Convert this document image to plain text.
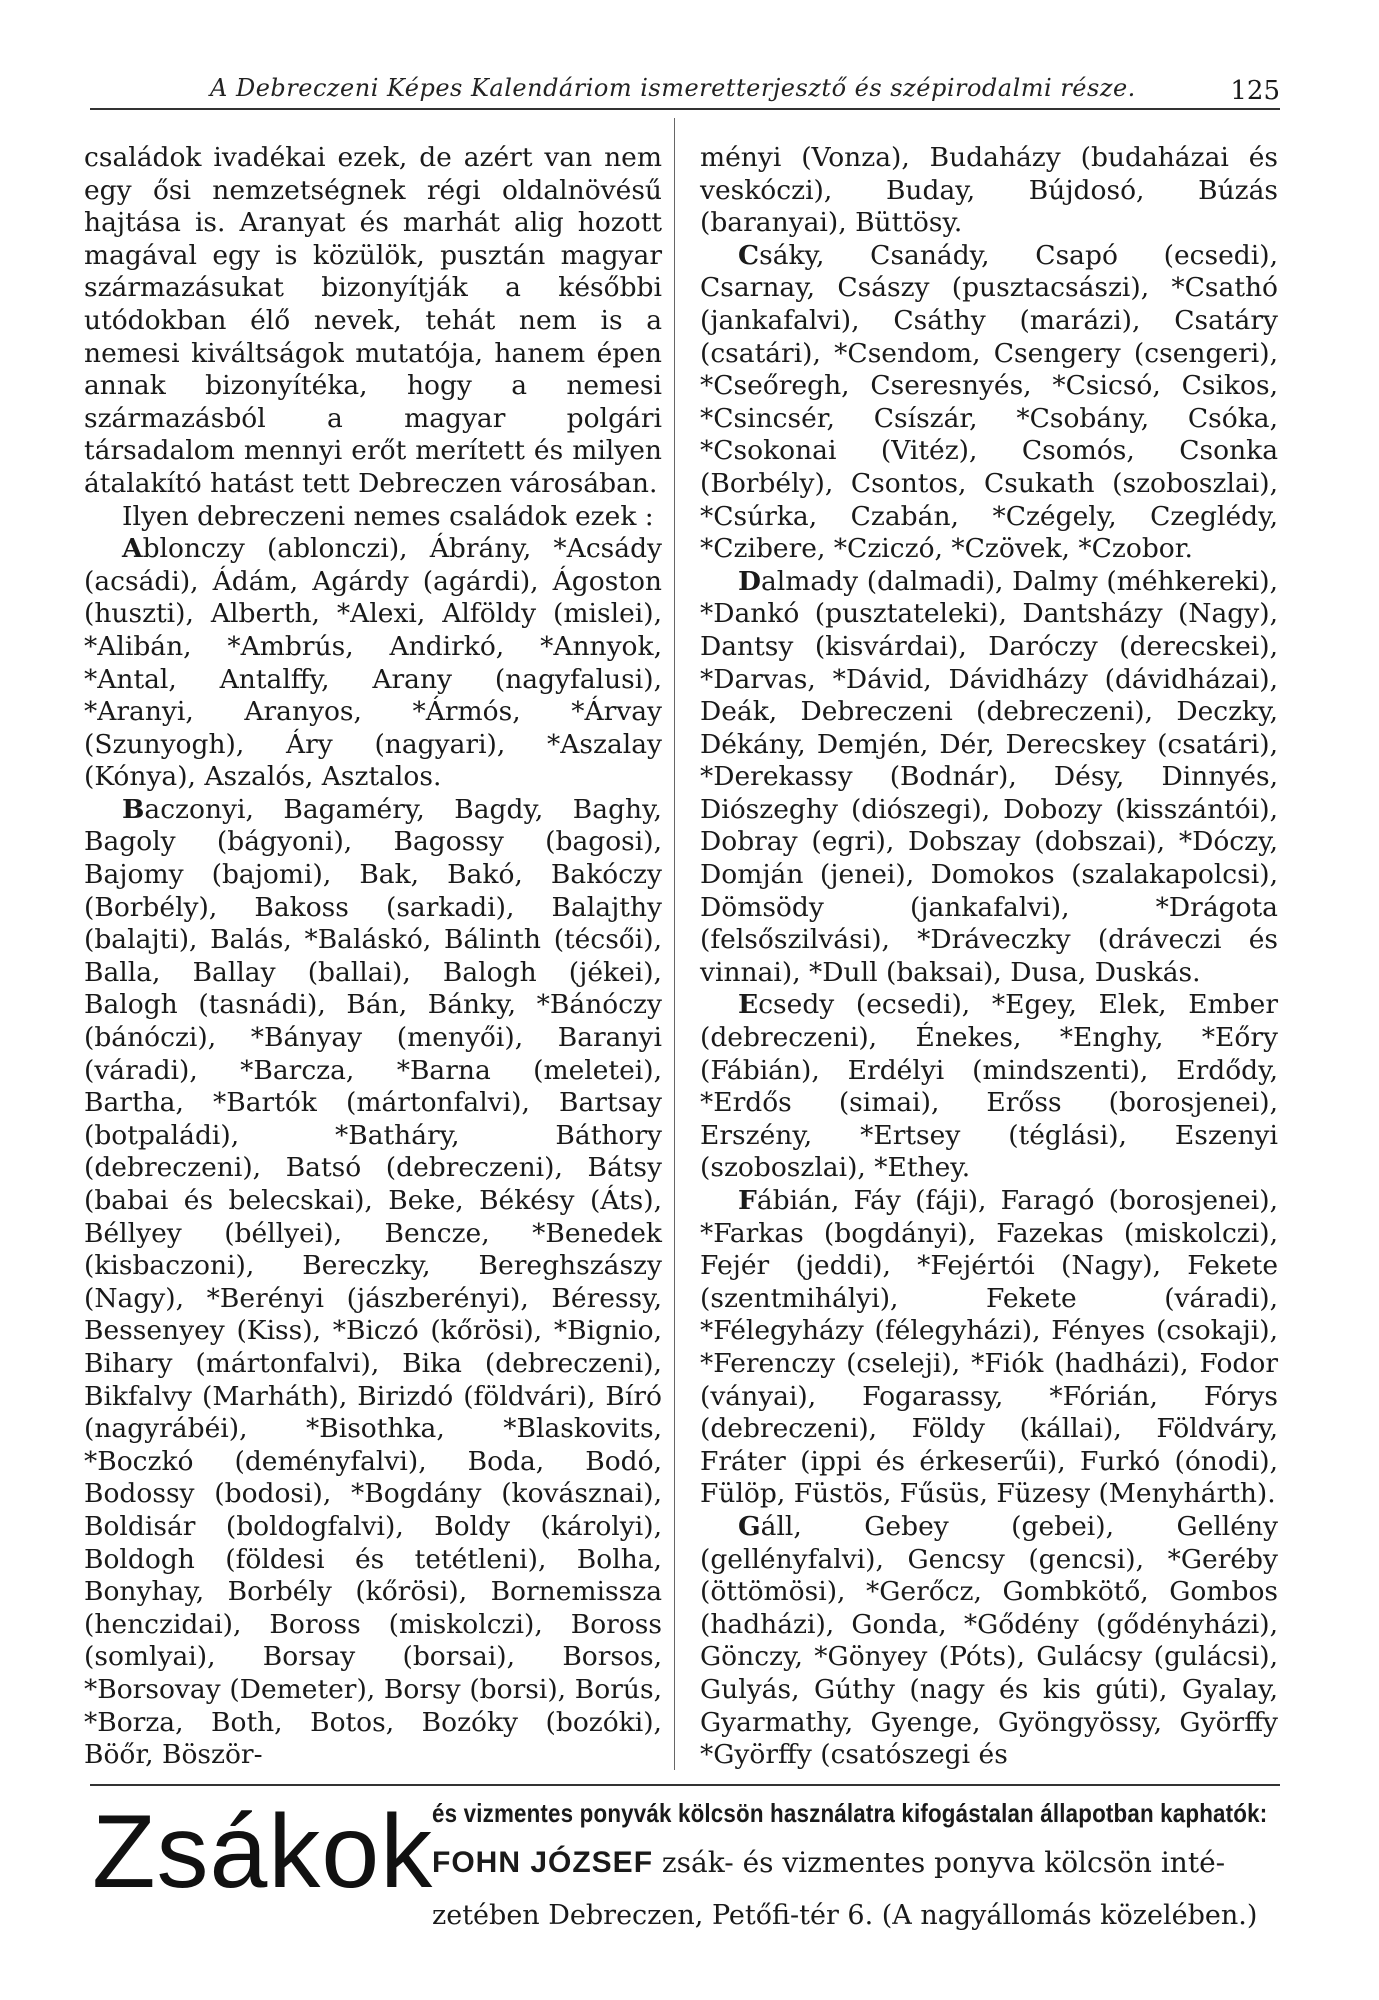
A Debreczeni Képes Kalendáriom ismeretterjesztő és szépirodalmi része.	125

családok ivadékai ezek, de azért van nem egy ősi nemzetségnek régi oldalnövésű hajtása is. Aranyat és marhát alig hozott magával egy is közülök, pusztán magyar származásukat bizonyítják a későbbi utódokban élő nevek, tehát nem is a nemesi kiváltságok mutatója, hanem épen annak bizonyítéka, hogy a nemesi származásból a magyar polgári társadalom mennyi erőt merített és milyen átalakító hatást tett Debreczen városában.

Ilyen debreczeni nemes családok ezek :

Ablonczy (ablonczi), Ábrány, *Acsády (acsádi), Ádám, Agárdy (agárdi), Ágoston (huszti), Alberth, *Alexi, Alföldy (mislei), *Alibán, *Ambrús, Andirkó, *Annyok, *Antal, Antalffy, Arany (nagyfalusi), *Aranyi, Aranyos, *Ármós, *Árvay (Szunyogh), Áry (nagyari), *Aszalay (Kónya), Aszalós, Asztalos.

Baczonyi, Bagaméry, Bagdy, Baghy, Bagoly (bágyoni), Bagossy (bagosi), Bajomy (bajomi), Bak, Bakó, Bakóczy (Borbély), Bakoss (sarkadi), Balajthy (balajti), Balás, *Baláskó, Bálinth (técsői), Balla, Ballay (ballai), Balogh (jékei), Balogh (tasnádi), Bán, Bánky, *Bánóczy (bánóczi), *Bányay (menyői), Baranyi (váradi), *Barcza, *Barna (meletei), Bartha, *Bartók (mártonfalvi), Bartsay (botpaládi), *Batháry, Báthory (debreczeni), Batsó (debreczeni), Bátsy (babai és belecskai), Beke, Békésy (Áts), Béllyey (béllyei), Bencze, *Benedek (kisbaczoni), Bereczky, Bereghszászy (Nagy), *Berényi (jászberényi), Béressy, Bessenyey (Kiss), *Biczó (kőrösi), *Bignio, Bihary (mártonfalvi), Bika (debreczeni), Bikfalvy (Marháth), Birizdó (földvári), Bíró (nagyrábéi), *Bisothka, *Blaskovits, *Boczkó (deményfalvi), Boda, Bodó, Bodossy (bodosi), *Bogdány (kovásznai), Boldisár (boldogfalvi), Boldy (károlyi), Boldogh (földesi és tetétleni), Bolha, Bonyhay, Borbély (kőrösi), Bornemissza (henczidai), Boross (miskolczi), Boross (somlyai), Borsay (borsai), Borsos, *Borsovay (Demeter), Borsy (borsi), Borús, *Borza, Both, Botos, Bozóky (bozóki), Böőr, Böször-

ményi (Vonza), Budaházy (budaházai és veskóczi), Buday, Bújdosó, Búzás (baranyai), Büttösy.

Csáky, Csanády, Csapó (ecsedi), Csarnay, Császy (pusztacsászi), *Csathó (jankafalvi), Csáthy (marázi), Csatáry (csatári), *Csendom, Csengery (csengeri), *Cseőregh, Cseresnyés, *Csicsó, Csikos, *Csincsér, Csíszár, *Csobány, Csóka, *Csokonai (Vitéz), Csomós, Csonka (Borbély), Csontos, Csukath (szoboszlai), *Csúrka, Czabán, *Czégely, Czeglédy, *Czibere, *Cziczó, *Czövek, *Czobor.

Dalmady (dalmadi), Dalmy (méhkereki), *Dankó (pusztateleki), Dantsházy (Nagy), Dantsy (kisvárdai), Daróczy (derecskei), *Darvas, *Dávid, Dávidházy (dávidházai), Deák, Debreczeni (debreczeni), Deczky, Dékány, Demjén, Dér, Derecskey (csatári), *Derekassy (Bodnár), Désy, Dinnyés, Diószeghy (diószegi), Dobozy (kisszántói), Dobray (egri), Dobszay (dobszai), *Dóczy, Domján (jenei), Domokos (szalakapolcsi), Dömsödy (jankafalvi), *Drágota (felsőszilvási), *Dráveczky (dráveczi és vinnai), *Dull (baksai), Dusa, Duskás.

Ecsedy (ecsedi), *Egey, Elek, Ember (debreczeni), Énekes, *Enghy, *Eőry (Fábián), Erdélyi (mindszenti), Erdődy, *Erdős (simai), Erőss (borosjenei), Erszény, *Ertsey (téglási), Eszenyi (szoboszlai), *Ethey.

Fábián, Fáy (fáji), Faragó (borosjenei), *Farkas (bogdányi), Fazekas (miskolczi), Fejér (jeddi), *Fejértói (Nagy), Fekete (szentmihályi), Fekete (váradi), *Félegyházy (félegyházi), Fényes (csokaji), *Ferenczy (cseleji), *Fiók (hadházi), Fodor (ványai), Fogarassy, *Fórián, Fórys (debreczeni), Földy (kállai), Földváry, Fráter (ippi és érkeserűi), Furkó (ónodi), Fülöp, Füstös, Fűsüs, Füzesy (Menyhárth).

Gáll, Gebey (gebei), Gellény (gellényfalvi), Gencsy (gencsi), *Geréby (öttömösi), *Gerőcz, Gombkötő, Gombos (hadházi), Gonda, *Gődény (gődényházi), Gönczy, *Gönyey (Póts), Gulácsy (gulácsi), Gulyás, Gúthy (nagy és kis gúti), Gyalay, Gyarmathy, Gyenge, Gyöngyössy, Györffy *Györffy (csatószegi és

Zsákok
és vizmentes ponyvák kölcsön használatra kifogástalan állapotban kaphatók:
FOHN JÓZSEF zsák- és vizmentes ponyva kölcsön inté-
zetében Debreczen, Petőfi-tér 6. (A nagyállomás közelében.)
